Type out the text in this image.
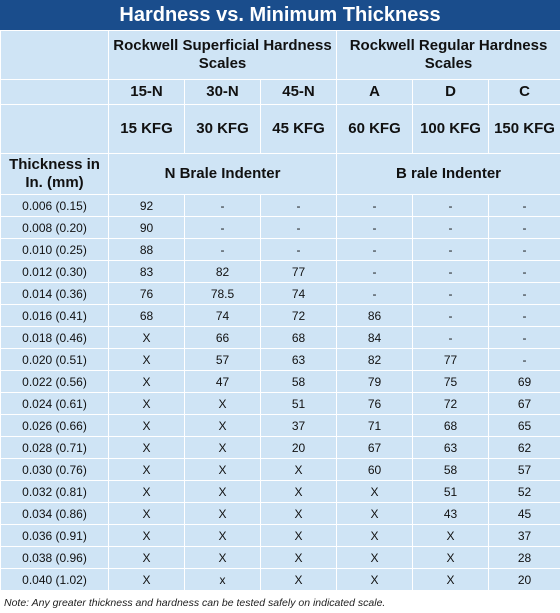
Hardness vs. Minimum Thickness
	Rockwell Superficial Hardness Scales			Rockwell Regular Hardness Scales		
	15-N	30-N	45-N	A	D	C
	15 KFG	30 KFG	45 KFG	60 KFG	100 KFG	150 KFG
Thickness in In. (mm)	N Brale Indenter			B rale Indenter		
0.006 (0.15)	92	-	-	-	-	-
0.008 (0.20)	90	-	-	-	-	-
0.010 (0.25)	88	-	-	-	-	-
0.012 (0.30)	83	82	77	-	-	-
0.014 (0.36)	76	78.5	74	-	-	-
0.016 (0.41)	68	74	72	86	-	-
0.018 (0.46)	X	66	68	84	-	-
0.020 (0.51)	X	57	63	82	77	-
0.022 (0.56)	X	47	58	79	75	69
0.024 (0.61)	X	X	51	76	72	67
0.026 (0.66)	X	X	37	71	68	65
0.028 (0.71)	X	X	20	67	63	62
0.030 (0.76)	X	X	X	60	58	57
0.032 (0.81)	X	X	X	X	51	52
0.034 (0.86)	X	X	X	X	43	45
0.036 (0.91)	X	X	X	X	X	37
0.038 (0.96)	X	X	X	X	X	28
0.040 (1.02)	X	x	X	X	X	20
Note: Any greater thickness and hardness can be tested safely on indicated scale.
